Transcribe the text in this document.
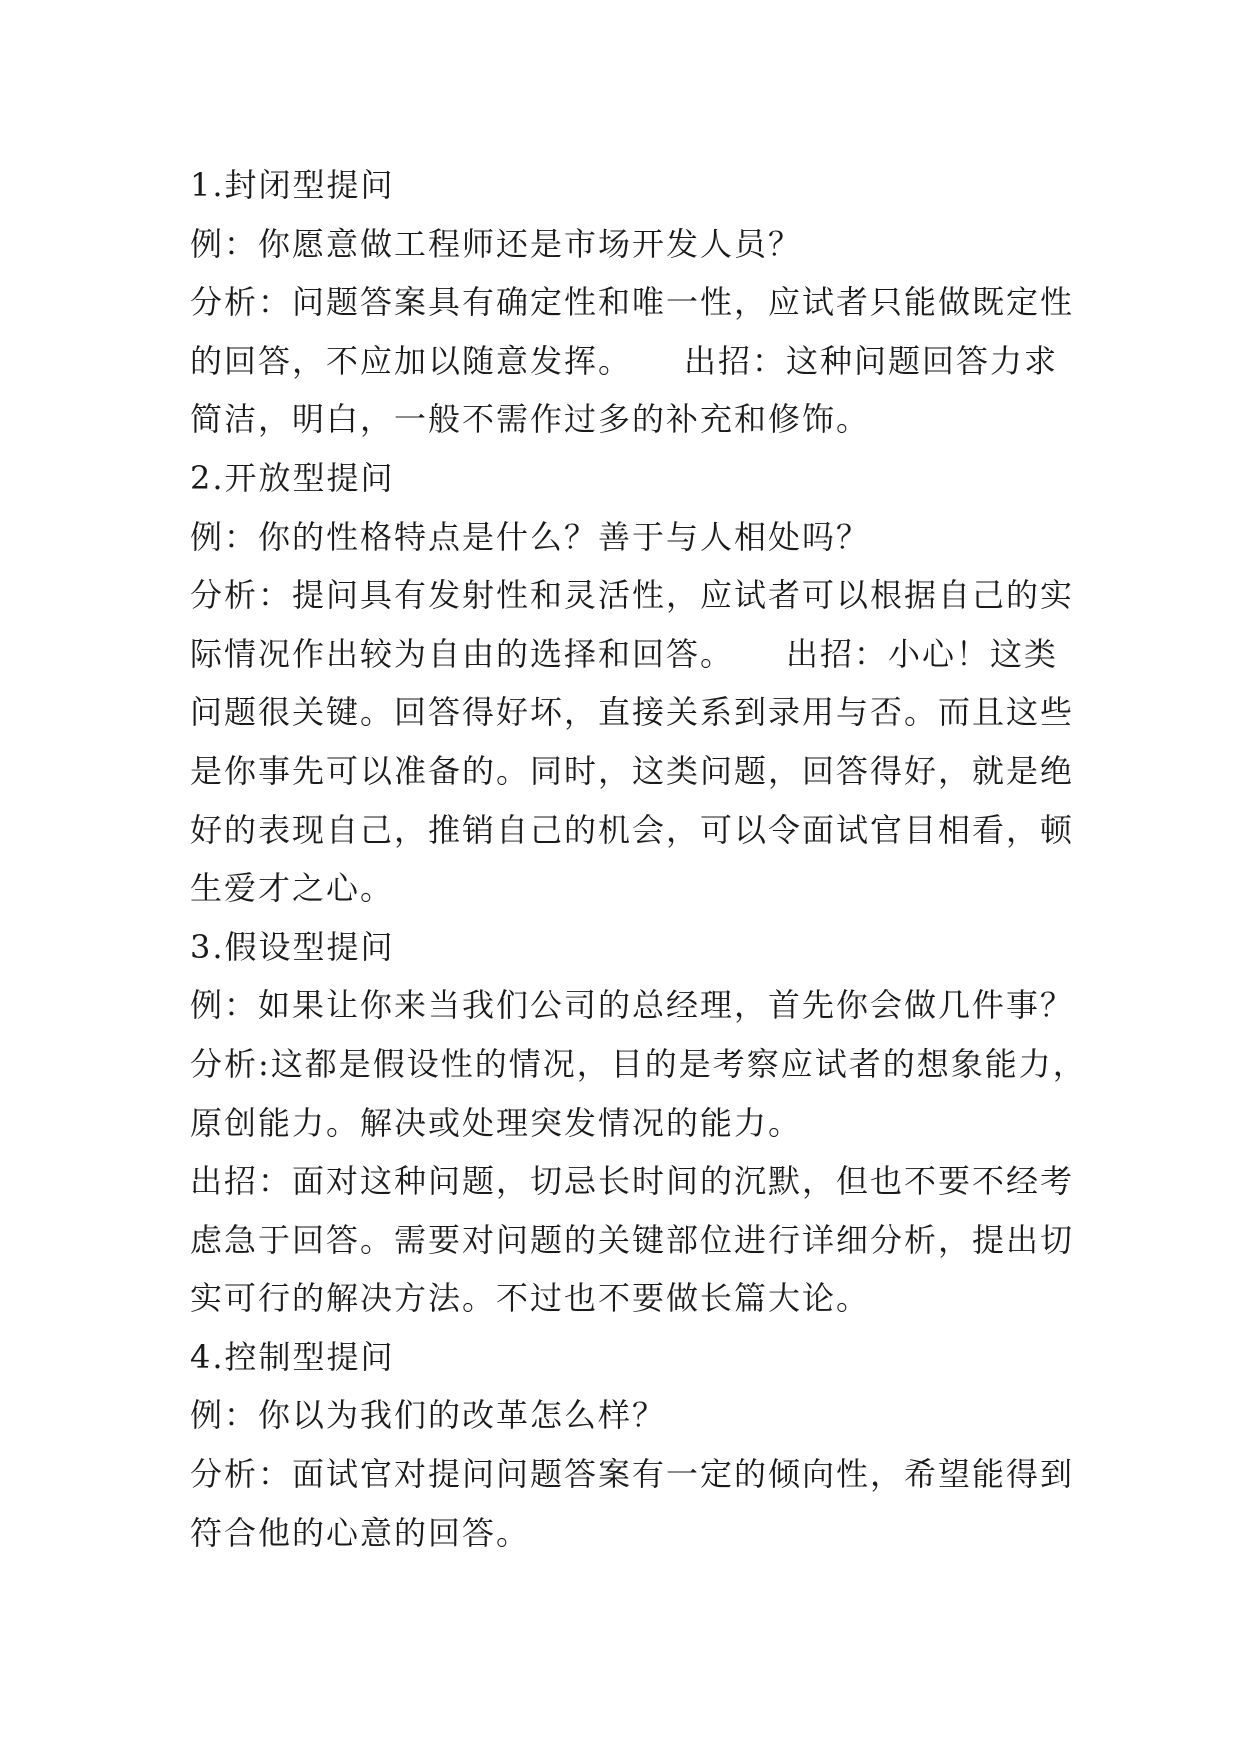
1.封闭型提问
例：你愿意做工程师还是市场开发人员？
分析：问题答案具有确定性和唯一性，应试者只能做既定性
的回答，不应加以随意发挥。　　出招：这种问题回答力求
简洁，明白，一般不需作过多的补充和修饰。
2.开放型提问
例：你的性格特点是什么？善于与人相处吗？
分析：提问具有发射性和灵活性，应试者可以根据自己的实
际情况作出较为自由的选择和回答。　　出招：小心！这类
问题很关键。回答得好坏，直接关系到录用与否。而且这些
是你事先可以准备的。同时，这类问题，回答得好，就是绝
好的表现自己，推销自己的机会，可以令面试官目相看，顿
生爱才之心。
3.假设型提问
例：如果让你来当我们公司的总经理，首先你会做几件事？
分析:这都是假设性的情况，目的是考察应试者的想象能力，
原创能力。解决或处理突发情况的能力。
出招：面对这种问题，切忌长时间的沉默，但也不要不经考
虑急于回答。需要对问题的关键部位进行详细分析，提出切
实可行的解决方法。不过也不要做长篇大论。
4.控制型提问
例：你以为我们的改革怎么样？
分析：面试官对提问问题答案有一定的倾向性，希望能得到
符合他的心意的回答。
